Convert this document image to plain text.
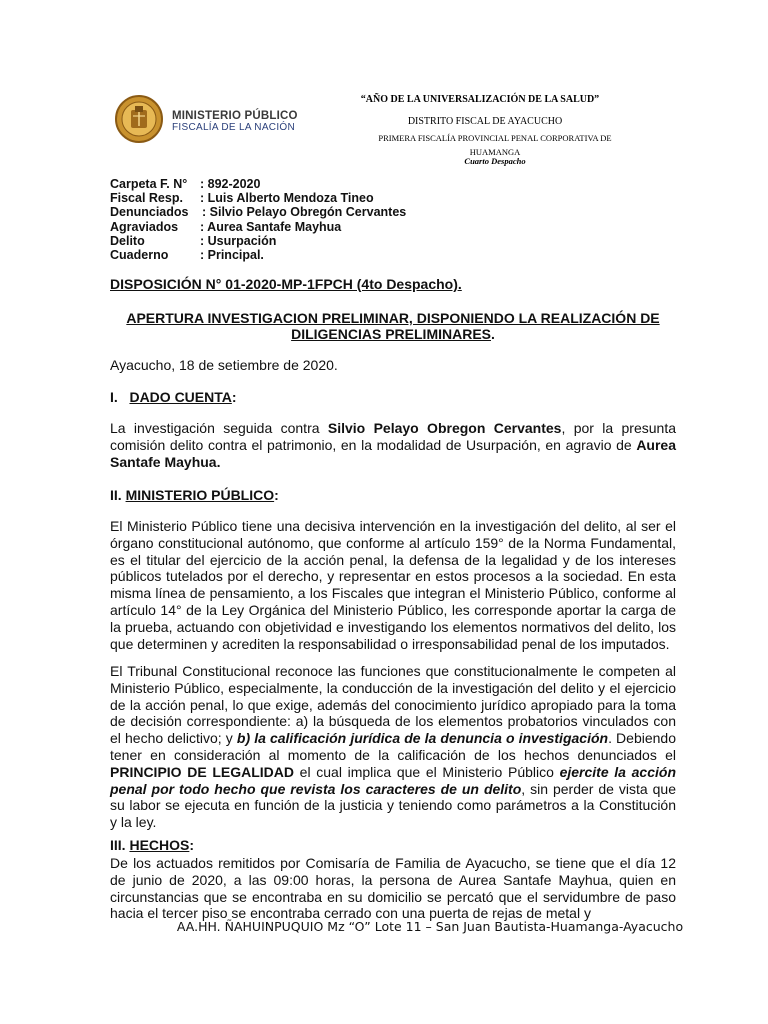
MINISTERIO PÚBLICO
FISCALÍA DE LA NACIÓN
“AÑO DE LA UNIVERSALIZACIÓN DE LA SALUD”
DISTRITO FISCAL DE AYACUCHO
PRIMERA FISCALÍA PROVINCIAL PENAL CORPORATIVA DE
HUAMANGA
Cuarto Despacho
Carpeta F. N°	: 892-2020
Fiscal Resp.	: Luis Alberto Mendoza Tineo
Denunciados	: Silvio Pelayo Obregón Cervantes
Agraviados	: Aurea Santafe Mayhua
Delito	: Usurpación
Cuaderno	: Principal.
DISPOSICIÓN N° 01-2020-MP-1FPCH (4to Despacho).
APERTURA INVESTIGACION PRELIMINAR, DISPONIENDO LA REALIZACIÓN DE DILIGENCIAS PRELIMINARES.
Ayacucho, 18 de setiembre de 2020.
I. DADO CUENTA:
La investigación seguida contra Silvio Pelayo Obregon Cervantes, por la presunta comisión delito contra el patrimonio, en la modalidad de Usurpación, en agravio de Aurea Santafe Mayhua.
II. MINISTERIO PÚBLICO:
El Ministerio Público tiene una decisiva intervención en la investigación del delito, al ser el órgano constitucional autónomo, que conforme al artículo 159° de la Norma Fundamental, es el titular del ejercicio de la acción penal, la defensa de la legalidad y de los intereses públicos tutelados por el derecho, y representar en estos procesos a la sociedad. En esta misma línea de pensamiento, a los Fiscales que integran el Ministerio Público, conforme al artículo 14° de la Ley Orgánica del Ministerio Público, les corresponde aportar la carga de la prueba, actuando con objetividad e investigando los elementos normativos del delito, los que determinen y acrediten la responsabilidad o irresponsabilidad penal de los imputados.
El Tribunal Constitucional reconoce las funciones que constitucionalmente le competen al Ministerio Público, especialmente, la conducción de la investigación del delito y el ejercicio de la acción penal, lo que exige, además del conocimiento jurídico apropiado para la toma de decisión correspondiente: a) la búsqueda de los elementos probatorios vinculados con el hecho delictivo; y b) la calificación jurídica de la denuncia o investigación. Debiendo tener en consideración al momento de la calificación de los hechos denunciados el PRINCIPIO DE LEGALIDAD el cual implica que el Ministerio Público ejercite la acción penal por todo hecho que revista los caracteres de un delito, sin perder de vista que su labor se ejecuta en función de la justicia y teniendo como parámetros a la Constitución y la ley.
III. HECHOS:
De los actuados remitidos por Comisaría de Familia de Ayacucho, se tiene que el día 12 de junio de 2020, a las 09:00 horas, la persona de Aurea Santafe Mayhua, quien en circunstancias que se encontraba en su domicilio se percató que el servidumbre de paso hacia el tercer piso se encontraba cerrado con una puerta de rejas de metal y
AA.HH. ÑAHUINPUQUIO Mz “O” Lote 11 – San Juan Bautista-Huamanga-Ayacucho
